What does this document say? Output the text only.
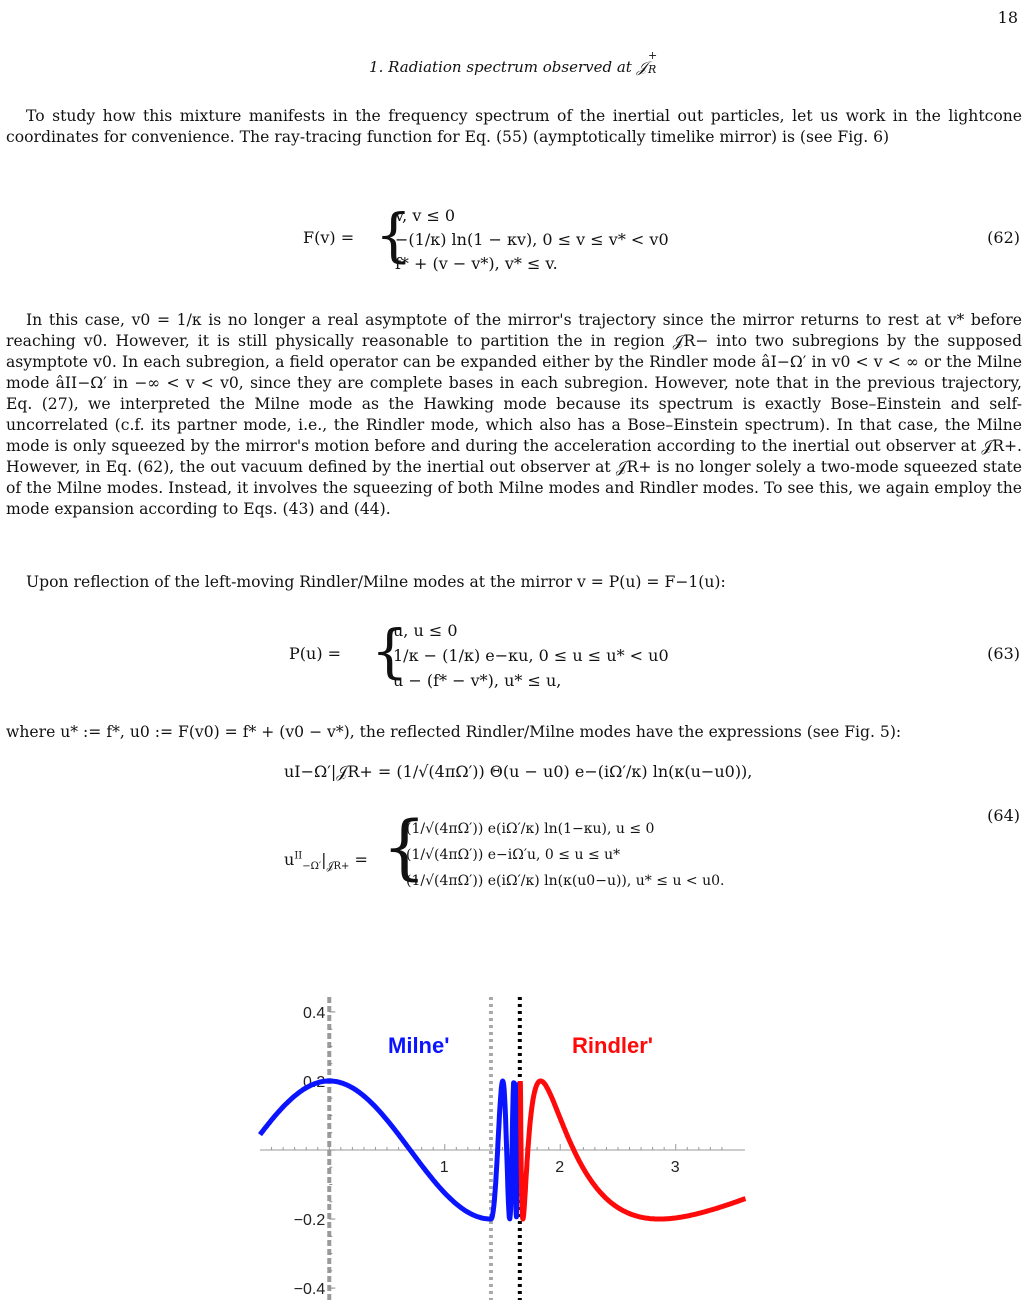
18
1. Radiation spectrum observed at 𝒥
+
R

To study how this mixture manifests in the frequency spectrum of the inertial out particles, let us work in the lightcone coordinates for convenience. The ray-tracing function for Eq. (55) (aymptotically timelike mirror) is (see Fig. 6)

F(v) = {
v, v ≤ 0
−(1/κ) ln(1 − κv), 0 ≤ v ≤ v* < v0
f* + (v − v*), v* ≤ v.
(62)

In this case, v0 = 1/κ is no longer a real asymptote of the mirror's trajectory since the mirror returns to rest at v* before reaching v0. However, it is still physically reasonable to partition the in region 𝒥R− into two subregions by the supposed asymptote v0. In each subregion, a field operator can be expanded either by the Rindler mode âI−Ω′ in v0 < v < ∞ or the Milne mode âII−Ω′ in −∞ < v < v0, since they are complete bases in each subregion. However, note that in the previous trajectory, Eq. (27), we interpreted the Milne mode as the Hawking mode because its spectrum is exactly Bose–Einstein and self-uncorrelated (c.f. its partner mode, i.e., the Rindler mode, which also has a Bose–Einstein spectrum). In that case, the Milne mode is only squeezed by the mirror's motion before and during the acceleration according to the inertial out observer at 𝒥R+. However, in Eq. (62), the out vacuum defined by the inertial out observer at 𝒥R+ is no longer solely a two-mode squeezed state of the Milne modes. Instead, it involves the squeezing of both Milne modes and Rindler modes. To see this, we again employ the mode expansion according to Eqs. (43) and (44).

Upon reflection of the left-moving Rindler/Milne modes at the mirror v = P(u) = F−1(u):

P(u) = {
u, u ≤ 0
1/κ − (1/κ) e−κu, 0 ≤ u ≤ u* < u0
u − (f* − v*), u* ≤ u,
(63)
where u* := f*, u0 := F(v0) = f* + (v0 − v*), the reflected Rindler/Milne modes have the expressions (see Fig. 5):
uI−Ω′|𝒥R+ = (1/√(4πΩ′)) Θ(u − u0) e−(iΩ′/κ) ln(κ(u−u0)),
$u^{II}_{-\Omega'}|_{𝒥R+}$ = {
(1/√(4πΩ′)) e(iΩ′/κ) ln(1−κu), u ≤ 0
(1/√(4πΩ′)) e−iΩ′u, 0 ≤ u ≤ u*
(1/√(4πΩ′)) e(iΩ′/κ) ln(κ(u0−u)), u* ≤ u < u0.
(64)
1	2	3
0.4
0.2
−0.2
−0.4
Milne'	Rindler'
